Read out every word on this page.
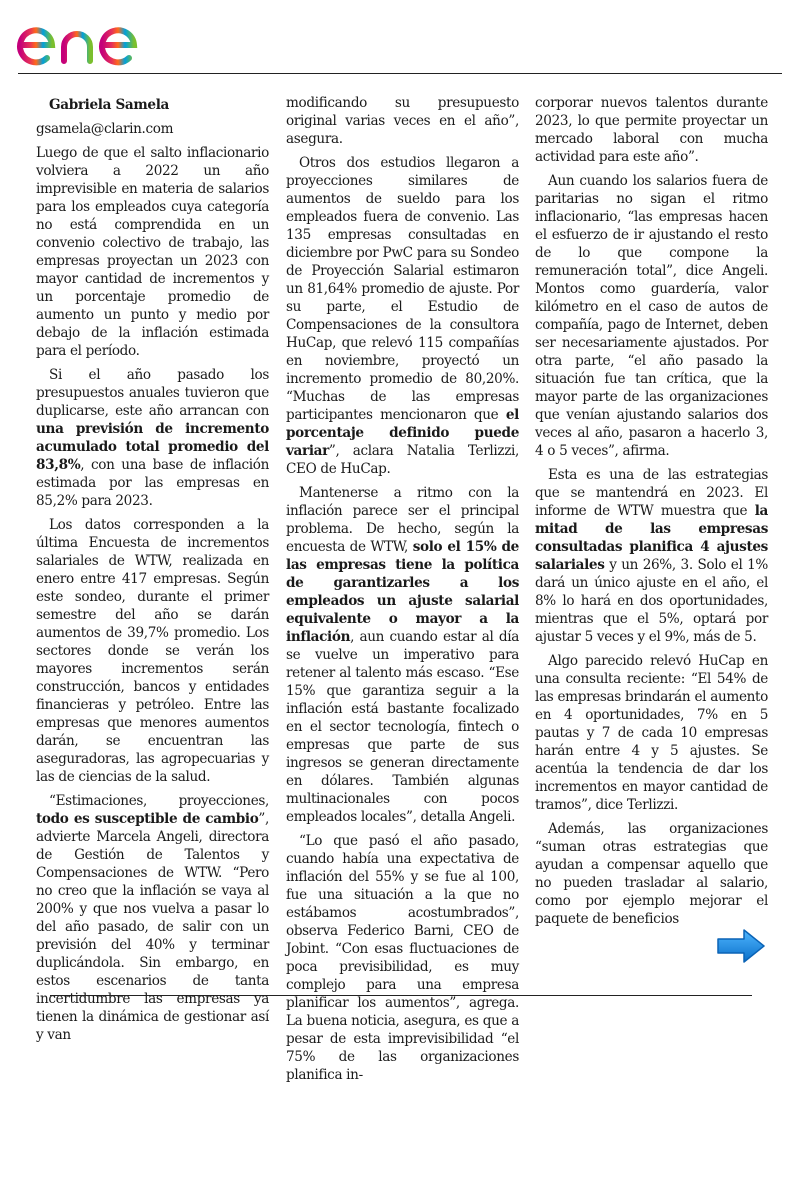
Gabriela Samela

gsamela@clarin.com

Luego de que el salto inflacionario volviera a 2022 un año imprevisible en materia de salarios para los empleados cuya categoría no está comprendida en un convenio colectivo de trabajo, las empresas proyectan un 2023 con mayor cantidad de incrementos y un porcentaje promedio de aumento un punto y medio por debajo de la inflación estimada para el período.

Si el año pasado los presupuestos anuales tuvieron que duplicarse, este año arrancan con una previsión de incremento acumulado total promedio del 83,8%, con una base de inflación estimada por las empresas en 85,2% para 2023.

Los datos corresponden a la última Encuesta de incrementos salariales de WTW, realizada en enero entre 417 empresas. Según este sondeo, durante el primer semestre del año se darán aumentos de 39,7% promedio. Los sectores donde se verán los mayores incrementos serán construcción, bancos y entidades financieras y petróleo. Entre las empresas que menores aumentos darán, se encuentran las aseguradoras, las agropecuarias y las de ciencias de la salud.

“Estimaciones, proyecciones, todo es susceptible de cambio”, advierte Marcela Angeli, directora de Gestión de Talentos y Compensaciones de WTW. “Pero no creo que la inflación se vaya al 200% y que nos vuelva a pasar lo del año pasado, de salir con un previsión del 40% y terminar duplicándola. Sin embargo, en estos escenarios de tanta incertidumbre las empresas ya tienen la dinámica de gestionar así y van

modificando su presupuesto original varias veces en el año”, asegura.

Otros dos estudios llegaron a proyecciones similares de aumentos de sueldo para los empleados fuera de convenio. Las 135 empresas consultadas en diciembre por PwC para su Sondeo de Proyección Salarial estimaron un 81,64% promedio de ajuste. Por su parte, el Estudio de Compensaciones de la consultora HuCap, que relevó 115 compañías en noviembre, proyectó un incremento promedio de 80,20%. “Muchas de las empresas participantes mencionaron que el porcentaje definido puede variar”, aclara Natalia Terlizzi, CEO de HuCap.

Mantenerse a ritmo con la inflación parece ser el principal problema. De hecho, según la encuesta de WTW, solo el 15% de las empresas tiene la política de garantizarles a los empleados un ajuste salarial equivalente o mayor a la inflación, aun cuando estar al día se vuelve un imperativo para retener al talento más escaso. “Ese 15% que garantiza seguir a la inflación está bastante focalizado en el sector tecnología, fintech o empresas que parte de sus ingresos se generan directamente en dólares. También algunas multinacionales con pocos empleados locales”, detalla Angeli.

“Lo que pasó el año pasado, cuando había una expectativa de inflación del 55% y se fue al 100, fue una situación a la que no estábamos acostumbrados”, observa Federico Barni, CEO de Jobint. “Con esas fluctuaciones de poca previsibilidad, es muy complejo para una empresa planificar los aumentos”, agrega. La buena noticia, asegura, es que a pesar de esta imprevisibilidad “el 75% de las organizaciones planifica in-

corporar nuevos talentos durante 2023, lo que permite proyectar un mercado laboral con mucha actividad para este año”.

Aun cuando los salarios fuera de paritarias no sigan el ritmo inflacionario, “las empresas hacen el esfuerzo de ir ajustando el resto de lo que compone la remuneración total”, dice Angeli. Montos como guardería, valor kilómetro en el caso de autos de compañía, pago de Internet, deben ser necesariamente ajustados. Por otra parte, “el año pasado la situación fue tan crítica, que la mayor parte de las organizaciones que venían ajustando salarios dos veces al año, pasaron a hacerlo 3, 4 o 5 veces”, afirma.

Esta es una de las estrategias que se mantendrá en 2023. El informe de WTW muestra que la mitad de las empresas consultadas planifica 4 ajustes salariales y un 26%, 3. Solo el 1% dará un único ajuste en el año, el 8% lo hará en dos oportunidades, mientras que el 5%, optará por ajustar 5 veces y el 9%, más de 5.

Algo parecido relevó HuCap en una consulta reciente: “El 54% de las empresas brindarán el aumento en 4 oportunidades, 7% en 5 pautas y 7 de cada 10 empresas harán entre 4 y 5 ajustes. Se acentúa la tendencia de dar los incrementos en mayor cantidad de tramos”, dice Terlizzi.

Además, las organizaciones “suman otras estrategias que ayudan a compensar aquello que no pueden trasladar al salario, como por ejemplo mejorar el paquete de beneficios
